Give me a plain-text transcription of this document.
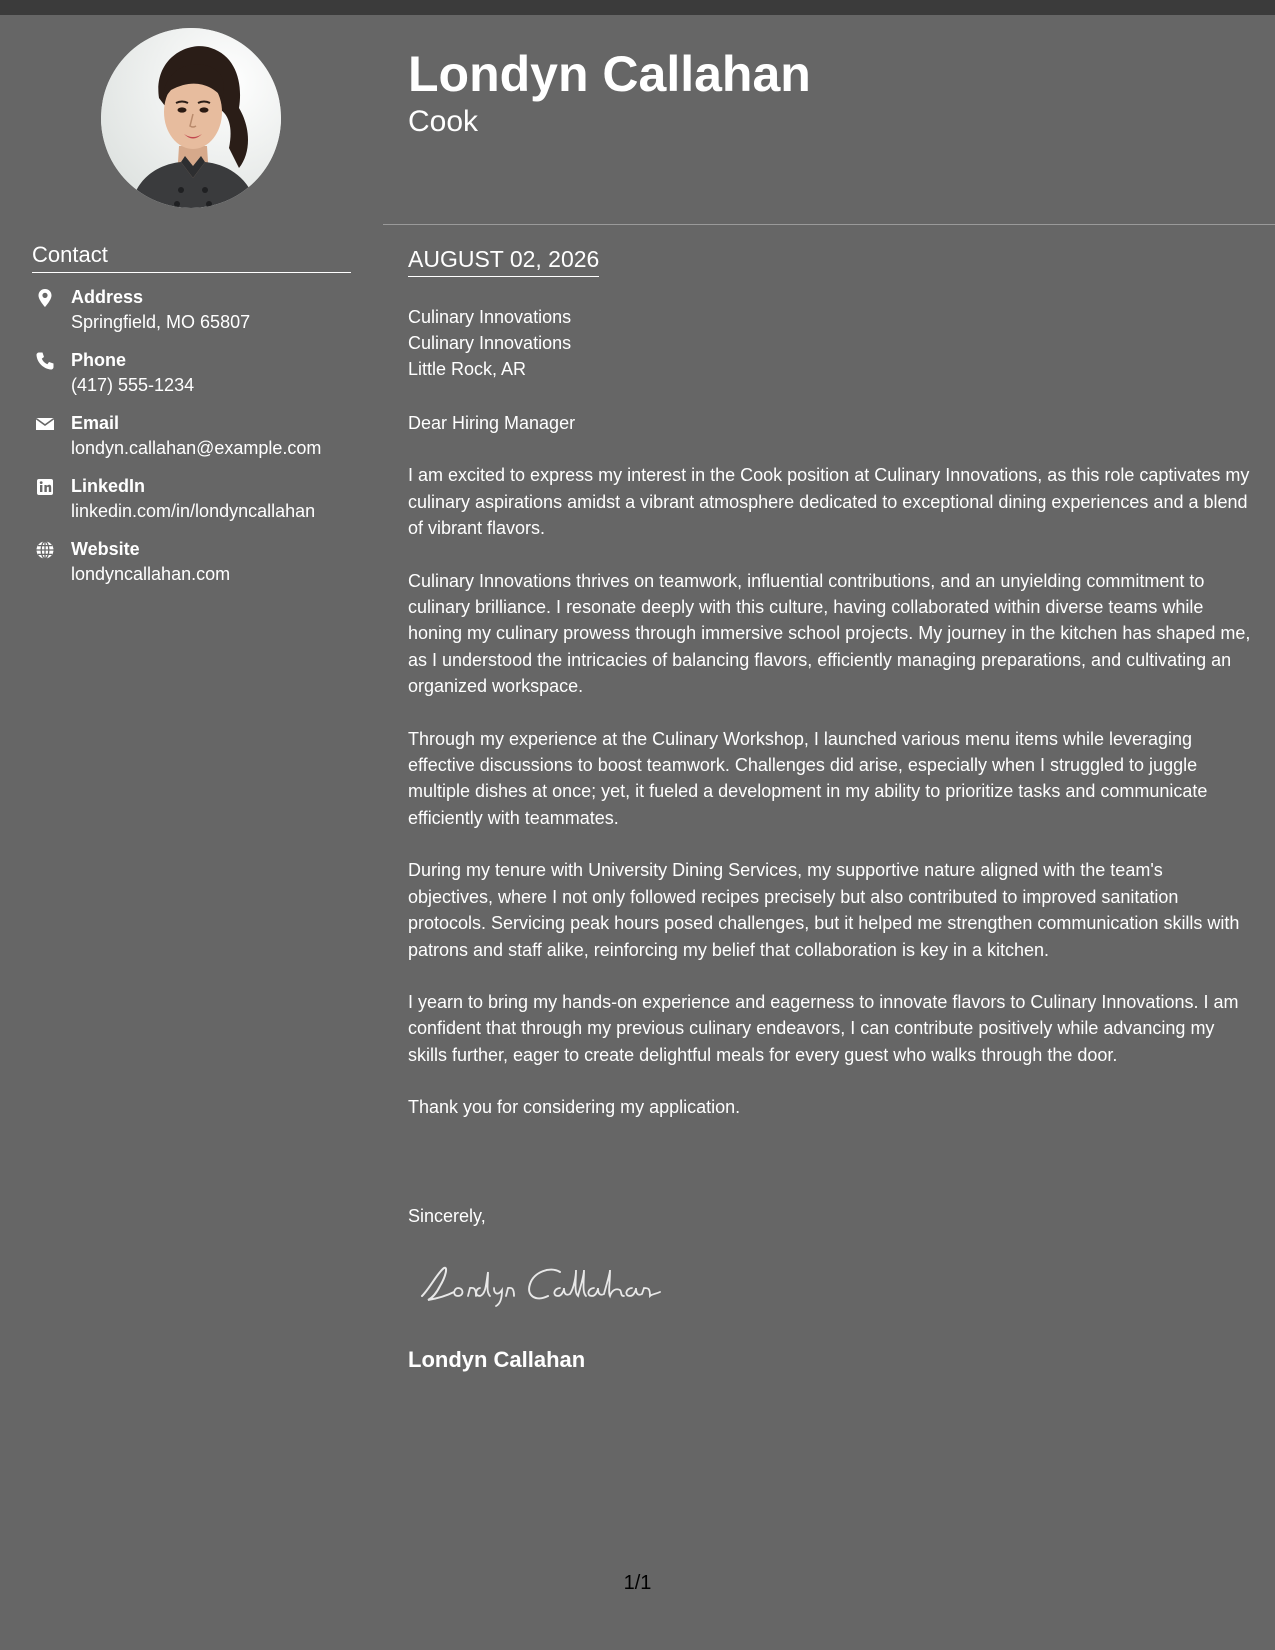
Contact
Address
Springfield, MO 65807
Phone
(417) 555-1234
Email
londyn.callahan@example.com
LinkedIn
linkedin.com/in/londyncallahan
Website
londyncallahan.com
Londyn Callahan
Cook
AUGUST 02, 2026
Culinary Innovations
Culinary Innovations
Little Rock, AR

Dear Hiring Manager

I am excited to express my interest in the Cook position at Culinary Innovations, as this role captivates my culinary aspirations amidst a vibrant atmosphere dedicated to exceptional dining experiences and a blend of vibrant flavors.

Culinary Innovations thrives on teamwork, influential contributions, and an unyielding commitment to culinary brilliance. I resonate deeply with this culture, having collaborated within diverse teams while honing my culinary prowess through immersive school projects. My journey in the kitchen has shaped me, as I understood the intricacies of balancing flavors, efficiently managing preparations, and cultivating an organized workspace.

Through my experience at the Culinary Workshop, I launched various menu items while leveraging effective discussions to boost teamwork. Challenges did arise, especially when I struggled to juggle multiple dishes at once; yet, it fueled a development in my ability to prioritize tasks and communicate efficiently with teammates.

During my tenure with University Dining Services, my supportive nature aligned with the team's objectives, where I not only followed recipes precisely but also contributed to improved sanitation protocols. Servicing peak hours posed challenges, but it helped me strengthen communication skills with patrons and staff alike, reinforcing my belief that collaboration is key in a kitchen.

I yearn to bring my hands-on experience and eagerness to innovate flavors to Culinary Innovations. I am confident that through my previous culinary endeavors, I can contribute positively while advancing my skills further, eager to create delightful meals for every guest who walks through the door.

Thank you for considering my application.

Sincerely,
Londyn Callahan
1/1
